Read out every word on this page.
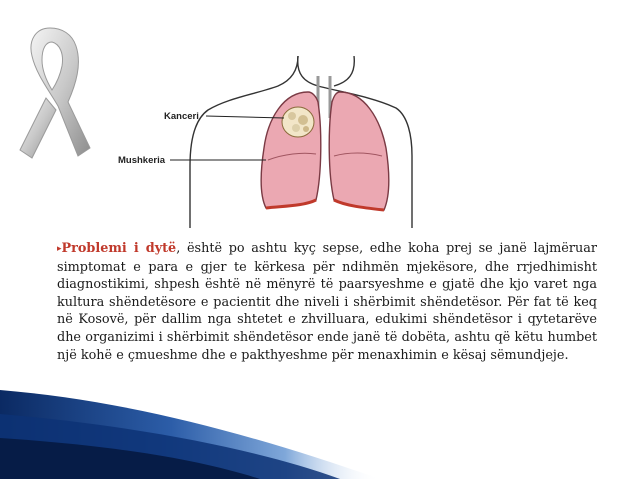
Kanceri
Mushkeria

▸Problemi i dytë, është po ashtu kyç sepse, edhe koha prej se janë lajmëruar simptomat e para e gjer te kërkesa për ndihmën mjekësore, dhe rrjedhimisht diagnostikimi, shpesh është në mënyrë të paarsyeshme e gjatë dhe kjo varet nga kultura shëndetësore e pacientit dhe niveli i shërbimit shëndetësor. Për fat të keq në Kosovë, për dallim nga shtetet e zhvilluara, edukimi shëndetësor i qytetarëve dhe organizimi i shërbimit shëndetësor ende janë të dobëta, ashtu që këtu humbet një kohë e çmueshme dhe e pakthyeshme për menaxhimin e kësaj sëmundjeje.
